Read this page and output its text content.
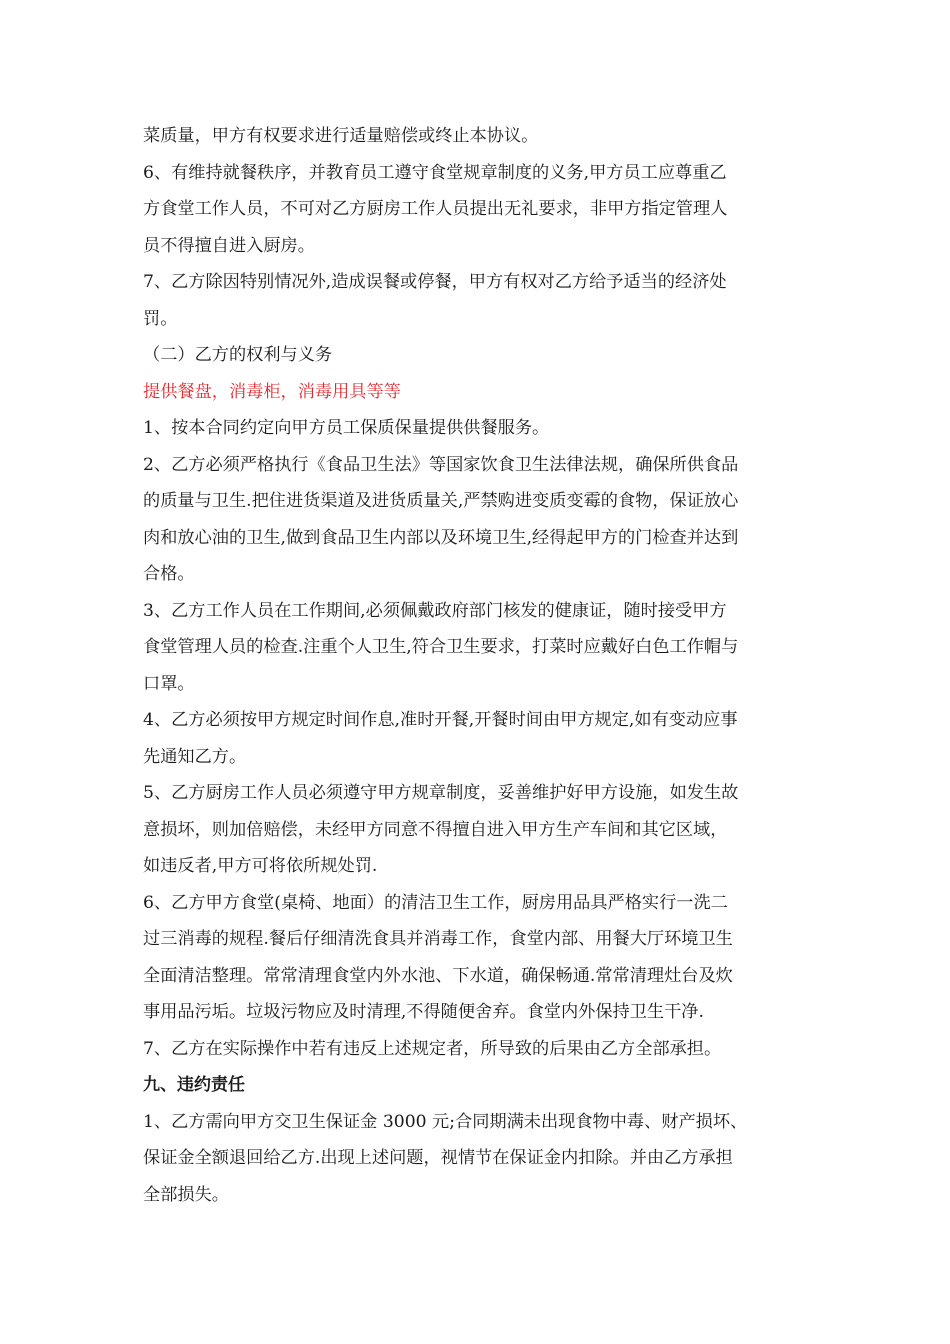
菜质量，甲方有权要求进行适量赔偿或终止本协议。
6、有维持就餐秩序，并教育员工遵守食堂规章制度的义务,甲方员工应尊重乙
方食堂工作人员，不可对乙方厨房工作人员提出无礼要求，非甲方指定管理人
员不得擅自进入厨房。
7、乙方除因特别情况外,造成误餐或停餐，甲方有权对乙方给予适当的经济处
罚。
（二）乙方的权利与义务
提供餐盘，消毒柜，消毒用具等等
1、按本合同约定向甲方员工保质保量提供供餐服务。
2、乙方必须严格执行《食品卫生法》等国家饮食卫生法律法规，确保所供食品
的质量与卫生.把住进货渠道及进货质量关,严禁购进变质变霉的食物，保证放心
肉和放心油的卫生,做到食品卫生内部以及环境卫生,经得起甲方的门检查并达到
合格。
3、乙方工作人员在工作期间,必须佩戴政府部门核发的健康证，随时接受甲方
食堂管理人员的检查.注重个人卫生,符合卫生要求，打菜时应戴好白色工作帽与
口罩。
4、乙方必须按甲方规定时间作息,准时开餐,开餐时间由甲方规定,如有变动应事
先通知乙方。
5、乙方厨房工作人员必须遵守甲方规章制度，妥善维护好甲方设施，如发生故
意损坏，则加倍赔偿，未经甲方同意不得擅自进入甲方生产车间和其它区域，
如违反者,甲方可将依所规处罚.
6、乙方甲方食堂(桌椅、地面）的清洁卫生工作，厨房用品具严格实行一洗二
过三消毒的规程.餐后仔细清洗食具并消毒工作，食堂内部、用餐大厅环境卫生
全面清洁整理。常常清理食堂内外水池、下水道，确保畅通.常常清理灶台及炊
事用品污垢。垃圾污物应及时清理,不得随便舍弃。食堂内外保持卫生干净.
7、乙方在实际操作中若有违反上述规定者，所导致的后果由乙方全部承担。
九、违约责任
1、乙方需向甲方交卫生保证金 3000 元;合同期满未出现食物中毒、财产损坏、
保证金全额退回给乙方.出现上述问题，视情节在保证金内扣除。并由乙方承担
全部损失。
